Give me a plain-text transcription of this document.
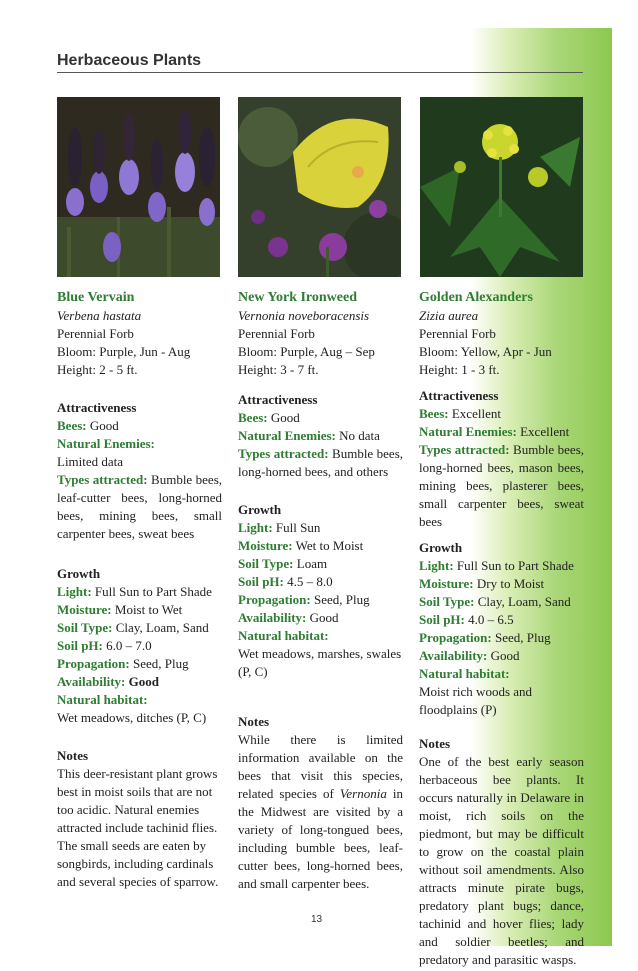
Herbaceous Plants

Blue Vervain

Verbena hastata

Perennial Forb

Bloom: Purple, Jun - Aug

Height: 2 - 5 ft.

Attractiveness

Bees: Good

Natural Enemies:

Limited data

Types attracted: Bumble bees, leaf-cutter bees, long-horned bees, mining bees, small carpenter bees, sweat bees

Growth

Light: Full Sun to Part Shade

Moisture: Moist to Wet

Soil Type: Clay, Loam, Sand

Soil pH: 6.0 – 7.0

Propagation: Seed, Plug

Availability: Good

Natural habitat:

Wet meadows, ditches (P, C)

Notes

This deer-resistant plant grows best in moist soils that are not too acidic. Natural enemies attracted include tachinid flies. The small seeds are eaten by songbirds, including cardinals and several species of sparrow.

New York Ironweed

Vernonia noveboracensis

Perennial Forb

Bloom: Purple, Aug – Sep

Height: 3 - 7 ft.

Attractiveness

Bees: Good

Natural Enemies: No data

Types attracted: Bumble bees, long-horned bees, and others

Growth

Light: Full Sun

Moisture: Wet to Moist

Soil Type: Loam

Soil pH: 4.5 – 8.0

Propagation: Seed, Plug

Availability: Good

Natural habitat:

Wet meadows, marshes, swales (P, C)

Notes

While there is limited information available on the bees that visit this species, related species of Vernonia in the Midwest are visited by a variety of long-tongued bees, including bumble bees, leaf-cutter bees, long-horned bees, and small carpenter bees.

Golden Alexanders

Zizia aurea

Perennial Forb

Bloom: Yellow, Apr - Jun

Height: 1 - 3 ft.

Attractiveness

Bees: Excellent

Natural Enemies: Excellent

Types attracted: Bumble bees, long-horned bees, mason bees, mining bees, plasterer bees, small carpenter bees, sweat bees

Growth

Light: Full Sun to Part Shade

Moisture: Dry to Moist

Soil Type: Clay, Loam, Sand

Soil pH: 4.0 – 6.5

Propagation: Seed, Plug

Availability: Good

Natural habitat:

Moist rich woods and floodplains (P)

Notes

One of the best early season herbaceous bee plants. It occurs naturally in Delaware in moist, rich soils on the piedmont, but may be difficult to grow on the coastal plain without soil amendments. Also attracts minute pirate bugs, predatory plant bugs; dance, tachinid and hover flies; lady and soldier beetles; and predatory and parasitic wasps.

13
